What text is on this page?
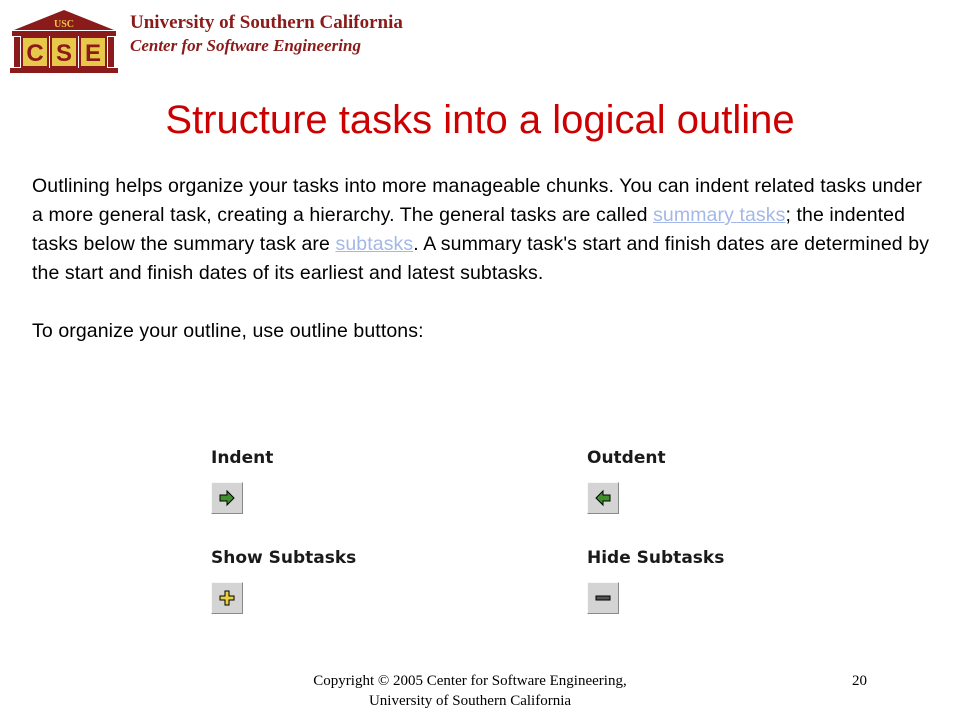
USC
C S E
University of Southern California
Center for Software Engineering
Structure tasks into a logical outline

Outlining helps organize your tasks into more manageable chunks. You can indent related tasks under a more general task, creating a hierarchy. The general tasks are called summary tasks; the indented tasks below the summary task are subtasks. A summary task's start and finish dates are determined by the start and finish dates of its earliest and latest subtasks.

To organize your outline, use outline buttons:

Indent	Outdent
Show Subtasks	Hide Subtasks
Copyright © 2005 Center for Software Engineering,
University of Southern California
20
